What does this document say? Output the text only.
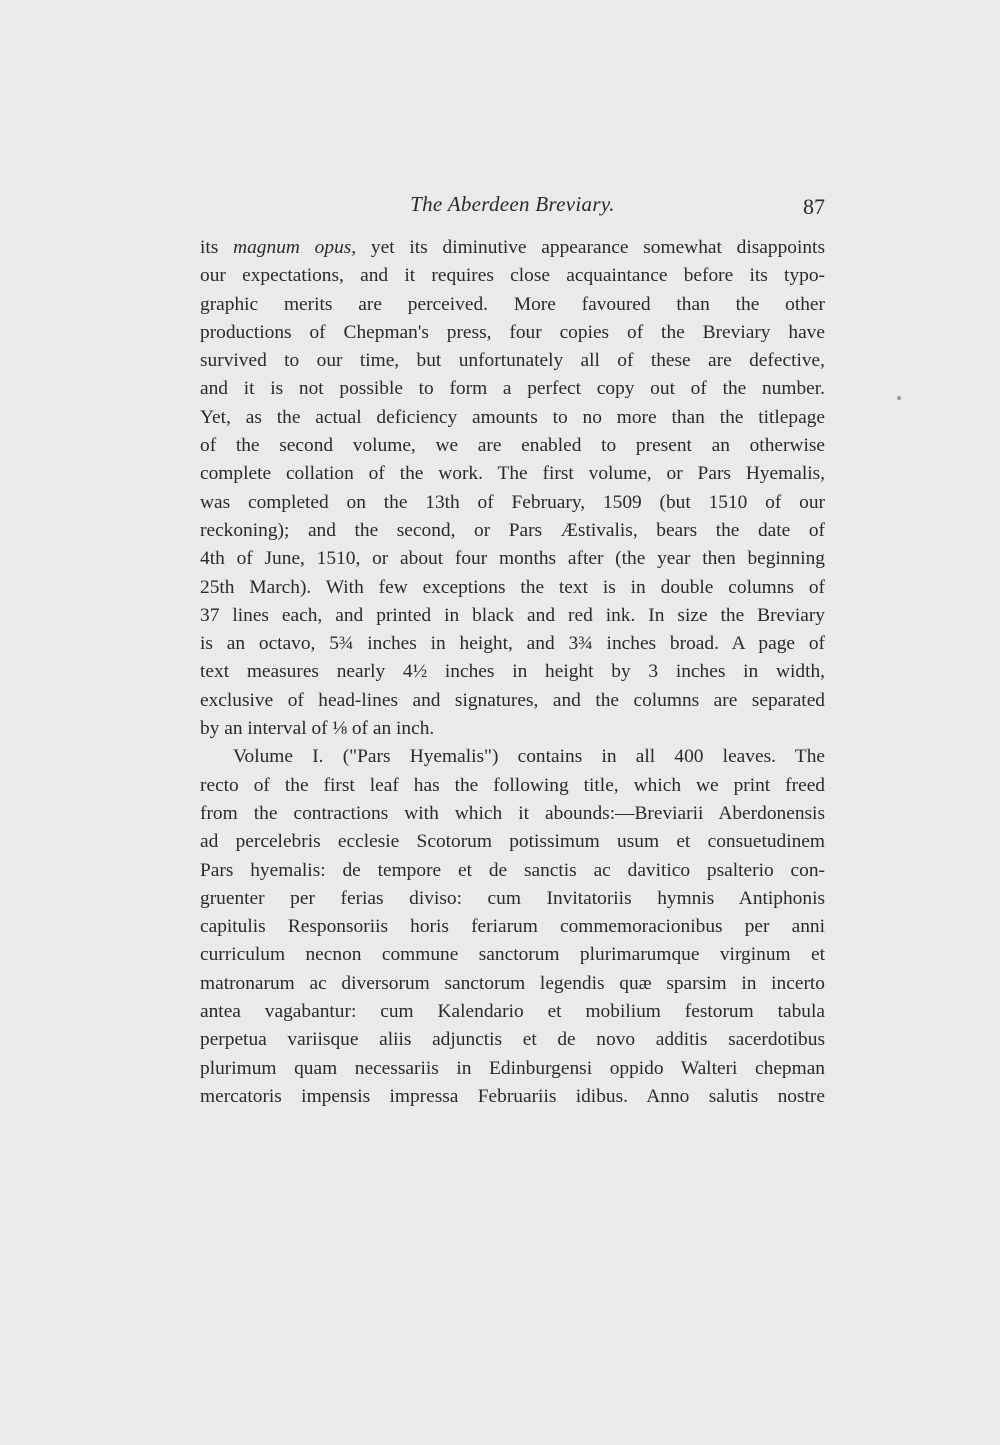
The Aberdeen Breviary.	87
its magnum opus, yet its diminutive appearance somewhat disappoints
our expectations, and it requires close acquaintance before its typo-
graphic merits are perceived. More favoured than the other
productions of Chepman's press, four copies of the Breviary have
survived to our time, but unfortunately all of these are defective,
and it is not possible to form a perfect copy out of the number.
Yet, as the actual deficiency amounts to no more than the titlepage
of the second volume, we are enabled to present an otherwise
complete collation of the work. The first volume, or Pars Hyemalis,
was completed on the 13th of February, 1509 (but 1510 of our
reckoning); and the second, or Pars Æstivalis, bears the date of
4th of June, 1510, or about four months after (the year then beginning
25th March). With few exceptions the text is in double columns of
37 lines each, and printed in black and red ink. In size the Breviary
is an octavo, 5¾ inches in height, and 3¾ inches broad. A page of
text measures nearly 4½ inches in height by 3 inches in width,
exclusive of head-lines and signatures, and the columns are separated
by an interval of ⅛ of an inch.
Volume I. ("Pars Hyemalis") contains in all 400 leaves. The
recto of the first leaf has the following title, which we print freed
from the contractions with which it abounds:—Breviarii Aberdonensis
ad percelebris ecclesie Scotorum potissimum usum et consuetudinem
Pars hyemalis: de tempore et de sanctis ac davitico psalterio con-
gruenter per ferias diviso: cum Invitatoriis hymnis Antiphonis
capitulis Responsoriis horis feriarum commemoracionibus per anni
curriculum necnon commune sanctorum plurimarumque virginum et
matronarum ac diversorum sanctorum legendis quæ sparsim in incerto
antea vagabantur: cum Kalendario et mobilium festorum tabula
perpetua variisque aliis adjunctis et de novo additis sacerdotibus
plurimum quam necessariis in Edinburgensi oppido Walteri chepman
mercatoris impensis impressa Februariis idibus. Anno salutis nostre
